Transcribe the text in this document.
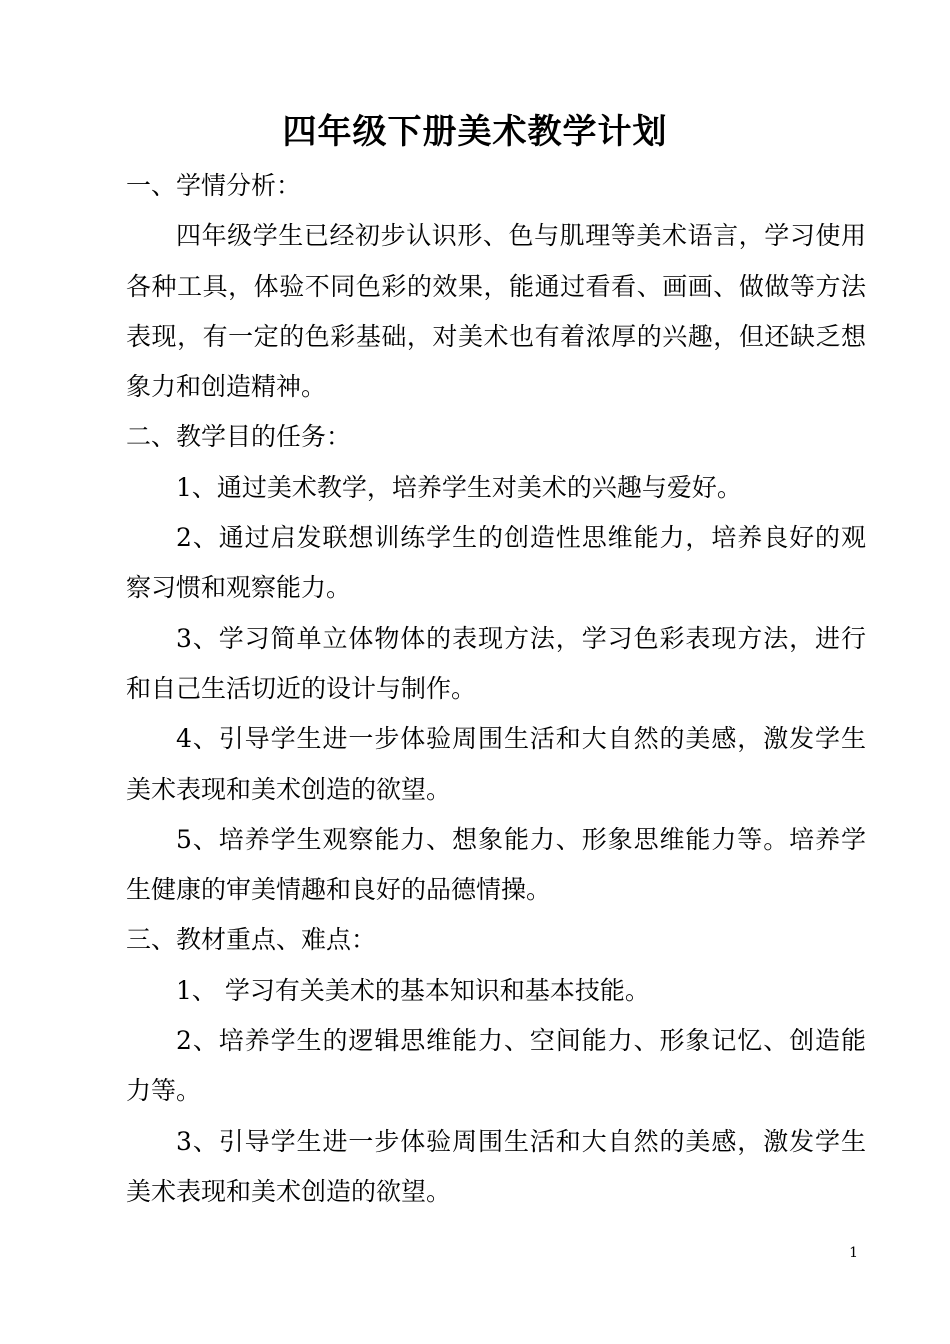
四年级下册美术教学计划

一、学情分析：

四年级学生已经初步认识形、色与肌理等美术语言，学习使用各种工具，体验不同色彩的效果，能通过看看、画画、做做等方法表现，有一定的色彩基础，对美术也有着浓厚的兴趣，但还缺乏想象力和创造精神。

二、教学目的任务：

1、通过美术教学，培养学生对美术的兴趣与爱好。

2、通过启发联想训练学生的创造性思维能力，培养良好的观察习惯和观察能力。

3、学习简单立体物体的表现方法，学习色彩表现方法，进行和自己生活切近的设计与制作。

4、引导学生进一步体验周围生活和大自然的美感，激发学生美术表现和美术创造的欲望。

5、培养学生观察能力、想象能力、形象思维能力等。培养学生健康的审美情趣和良好的品德情操。

三、教材重点、难点：

1、 学习有关美术的基本知识和基本技能。

2、培养学生的逻辑思维能力、空间能力、形象记忆、创造能力等。

3、引导学生进一步体验周围生活和大自然的美感，激发学生美术表现和美术创造的欲望。

1
